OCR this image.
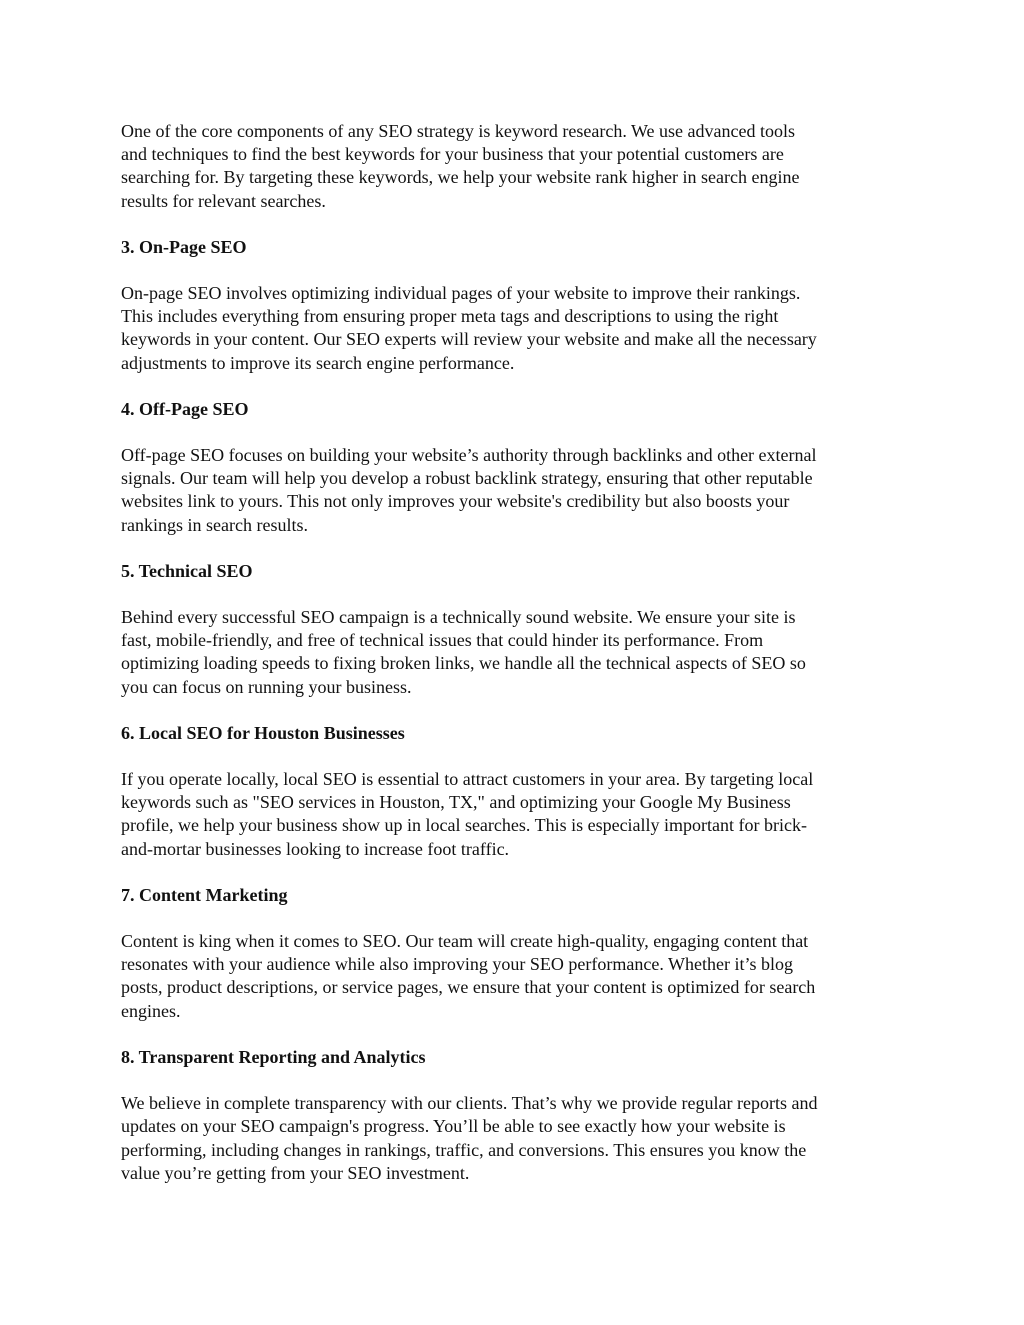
One of the core components of any SEO strategy is keyword research. We use advanced tools
and techniques to find the best keywords for your business that your potential customers are
searching for. By targeting these keywords, we help your website rank higher in search engine
results for relevant searches.

3. On-Page SEO

On-page SEO involves optimizing individual pages of your website to improve their rankings.
This includes everything from ensuring proper meta tags and descriptions to using the right
keywords in your content. Our SEO experts will review your website and make all the necessary
adjustments to improve its search engine performance.

4. Off-Page SEO

Off-page SEO focuses on building your website’s authority through backlinks and other external
signals. Our team will help you develop a robust backlink strategy, ensuring that other reputable
websites link to yours. This not only improves your website's credibility but also boosts your
rankings in search results.

5. Technical SEO

Behind every successful SEO campaign is a technically sound website. We ensure your site is
fast, mobile-friendly, and free of technical issues that could hinder its performance. From
optimizing loading speeds to fixing broken links, we handle all the technical aspects of SEO so
you can focus on running your business.

6. Local SEO for Houston Businesses

If you operate locally, local SEO is essential to attract customers in your area. By targeting local
keywords such as "SEO services in Houston, TX," and optimizing your Google My Business
profile, we help your business show up in local searches. This is especially important for brick-
and-mortar businesses looking to increase foot traffic.

7. Content Marketing

Content is king when it comes to SEO. Our team will create high-quality, engaging content that
resonates with your audience while also improving your SEO performance. Whether it’s blog
posts, product descriptions, or service pages, we ensure that your content is optimized for search
engines.

8. Transparent Reporting and Analytics

We believe in complete transparency with our clients. That’s why we provide regular reports and
updates on your SEO campaign's progress. You’ll be able to see exactly how your website is
performing, including changes in rankings, traffic, and conversions. This ensures you know the
value you’re getting from your SEO investment.
